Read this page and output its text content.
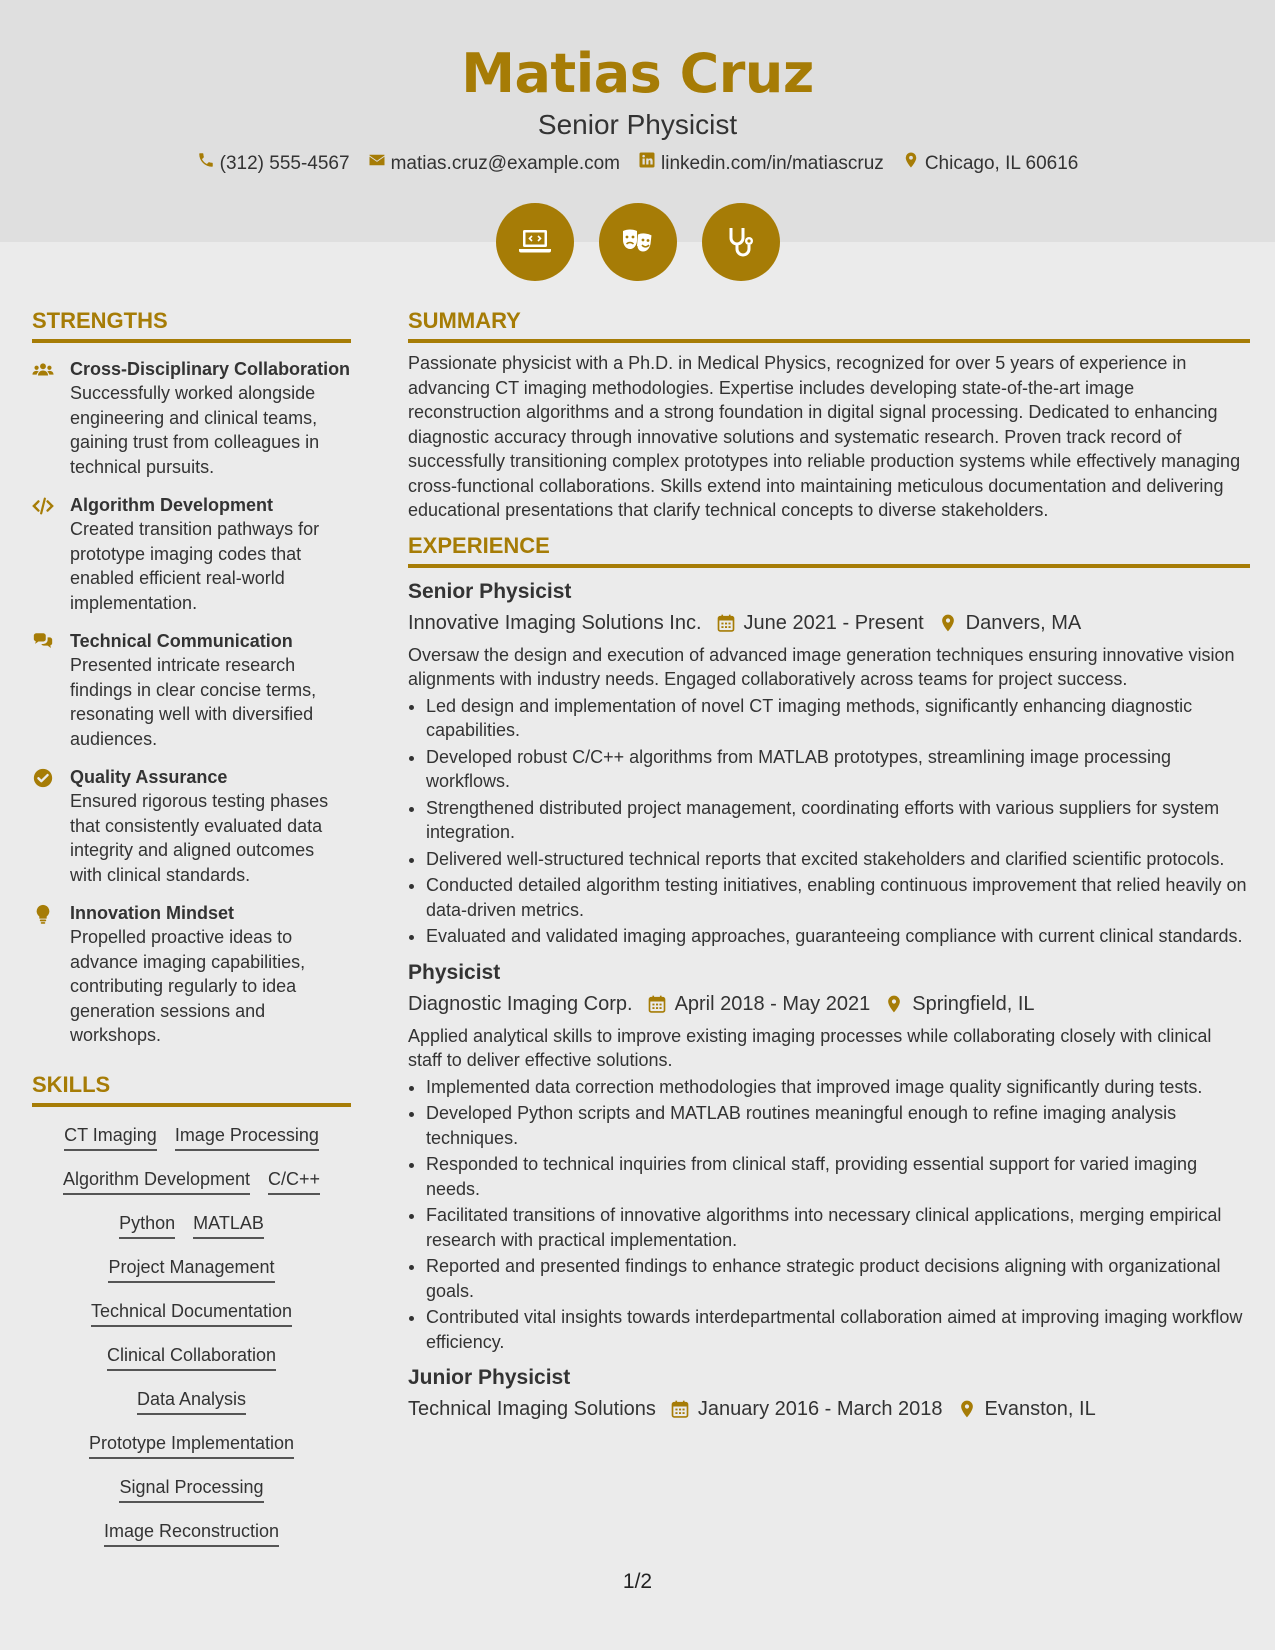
Matias Cruz
Senior Physicist
(312) 555-4567 matias.cruz@example.com linkedin.com/in/matiascruz Chicago, IL 60616
STRENGTHS
Cross-Disciplinary Collaboration
Successfully worked alongside engineering and clinical teams, gaining trust from colleagues in technical pursuits.
Algorithm Development
Created transition pathways for prototype imaging codes that enabled efficient real-world implementation.
Technical Communication
Presented intricate research findings in clear concise terms, resonating well with diversified audiences.
Quality Assurance
Ensured rigorous testing phases that consistently evaluated data integrity and aligned outcomes with clinical standards.
Innovation Mindset
Propelled proactive ideas to advance imaging capabilities, contributing regularly to idea generation sessions and workshops.
SKILLS
CT Imaging Image Processing
Algorithm Development C/C++
Python MATLAB
Project Management
Technical Documentation
Clinical Collaboration
Data Analysis
Prototype Implementation
Signal Processing
Image Reconstruction
SUMMARY
Passionate physicist with a Ph.D. in Medical Physics, recognized for over 5 years of experience in advancing CT imaging methodologies. Expertise includes developing state-of-the-art image reconstruction algorithms and a strong foundation in digital signal processing. Dedicated to enhancing diagnostic accuracy through innovative solutions and systematic research. Proven track record of successfully transitioning complex prototypes into reliable production systems while effectively managing cross-functional collaborations. Skills extend into maintaining meticulous documentation and delivering educational presentations that clarify technical concepts to diverse stakeholders.
EXPERIENCE
Senior Physicist
Innovative Imaging Solutions Inc. June 2021 - Present Danvers, MA
Oversaw the design and execution of advanced image generation techniques ensuring innovative vision alignments with industry needs. Engaged collaboratively across teams for project success.
• Led design and implementation of novel CT imaging methods, significantly enhancing diagnostic capabilities.
• Developed robust C/C++ algorithms from MATLAB prototypes, streamlining image processing workflows.
• Strengthened distributed project management, coordinating efforts with various suppliers for system integration.
• Delivered well-structured technical reports that excited stakeholders and clarified scientific protocols.
• Conducted detailed algorithm testing initiatives, enabling continuous improvement that relied heavily on data-driven metrics.
• Evaluated and validated imaging approaches, guaranteeing compliance with current clinical standards.
Physicist
Diagnostic Imaging Corp. April 2018 - May 2021 Springfield, IL
Applied analytical skills to improve existing imaging processes while collaborating closely with clinical staff to deliver effective solutions.
• Implemented data correction methodologies that improved image quality significantly during tests.
• Developed Python scripts and MATLAB routines meaningful enough to refine imaging analysis techniques.
• Responded to technical inquiries from clinical staff, providing essential support for varied imaging needs.
• Facilitated transitions of innovative algorithms into necessary clinical applications, merging empirical research with practical implementation.
• Reported and presented findings to enhance strategic product decisions aligning with organizational goals.
• Contributed vital insights towards interdepartmental collaboration aimed at improving imaging workflow efficiency.
Junior Physicist
Technical Imaging Solutions January 2016 - March 2018 Evanston, IL
1/2
